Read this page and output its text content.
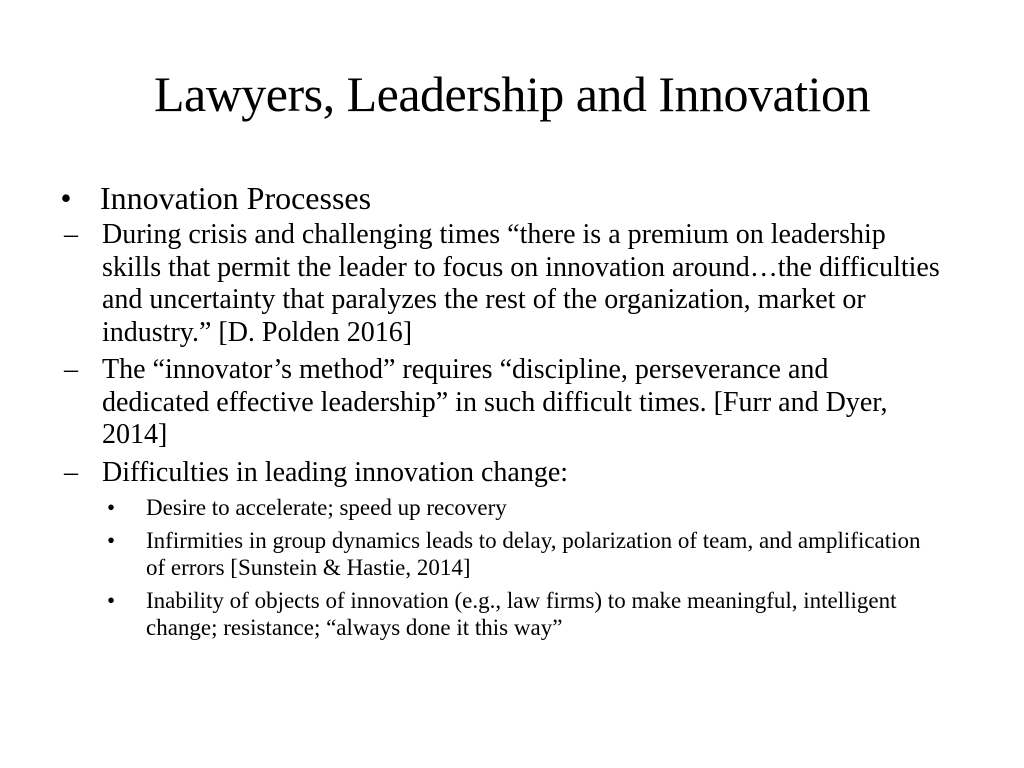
Lawyers, Leadership and Innovation
• Innovation Processes
– During crisis and challenging times “there is a premium on leadership skills that permit the leader to focus on innovation around…the difficulties and uncertainty that paralyzes the rest of the organization, market or industry.” [D. Polden 2016]
– The “innovator’s method” requires “discipline, perseverance and dedicated effective leadership” in such difficult times. [Furr and Dyer, 2014]
– Difficulties in leading innovation change:
•	Desire to accelerate; speed up recovery
•	Infirmities in group dynamics leads to delay, polarization of team, and amplification of errors [Sunstein & Hastie, 2014]
•	Inability of objects of innovation (e.g., law firms) to make meaningful, intelligent change; resistance; “always done it this way”
